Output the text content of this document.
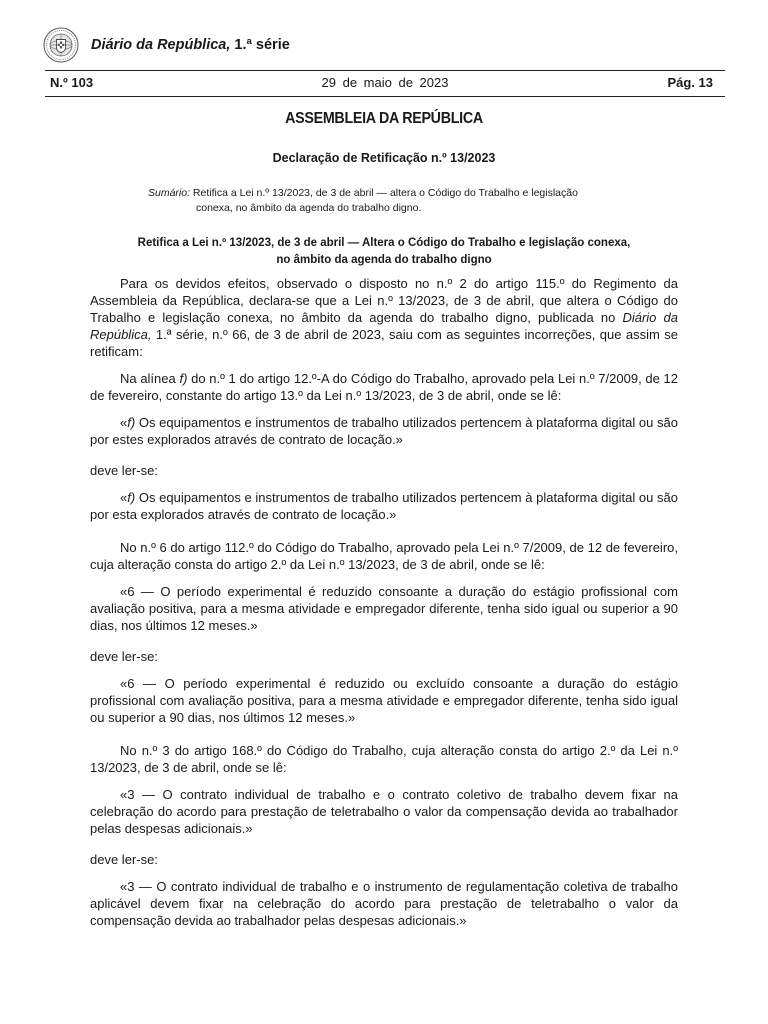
Diário da República, 1.ª série
29 de maio de 2023
N.º 103	Pág. 13
ASSEMBLEIA DA REPÚBLICA
Declaração de Retificação n.º 13/2023
Sumário: Retifica a Lei n.º 13/2023, de 3 de abril — altera o Código do Trabalho e legislação
conexa, no âmbito da agenda do trabalho digno.
Retifica a Lei n.º 13/2023, de 3 de abril — Altera o Código do Trabalho e legislação conexa,
no âmbito da agenda do trabalho digno

Para os devidos efeitos, observado o disposto no n.º 2 do artigo 115.º do Regimento da Assembleia da República, declara-se que a Lei n.º 13/2023, de 3 de abril, que altera o Código do Trabalho e legislação conexa, no âmbito da agenda do trabalho digno, publicada no Diário da República, 1.ª série, n.º 66, de 3 de abril de 2023, saiu com as seguintes incorreções, que assim se retificam:

Na alínea f) do n.º 1 do artigo 12.º-A do Código do Trabalho, aprovado pela Lei n.º 7/2009, de 12 de fevereiro, constante do artigo 13.º da Lei n.º 13/2023, de 3 de abril, onde se lê:

«f) Os equipamentos e instrumentos de trabalho utilizados pertencem à plataforma digital ou são por estes explorados através de contrato de locação.»

deve ler-se:

«f) Os equipamentos e instrumentos de trabalho utilizados pertencem à plataforma digital ou são por esta explorados através de contrato de locação.»

No n.º 6 do artigo 112.º do Código do Trabalho, aprovado pela Lei n.º 7/2009, de 12 de fevereiro, cuja alteração consta do artigo 2.º da Lei n.º 13/2023, de 3 de abril, onde se lê:

«6 — O período experimental é reduzido consoante a duração do estágio profissional com avaliação positiva, para a mesma atividade e empregador diferente, tenha sido igual ou superior a 90 dias, nos últimos 12 meses.»

deve ler-se:

«6 — O período experimental é reduzido ou excluído consoante a duração do estágio profissional com avaliação positiva, para a mesma atividade e empregador diferente, tenha sido igual ou superior a 90 dias, nos últimos 12 meses.»

No n.º 3 do artigo 168.º do Código do Trabalho, cuja alteração consta do artigo 2.º da Lei n.º 13/2023, de 3 de abril, onde se lê:

«3 — O contrato individual de trabalho e o contrato coletivo de trabalho devem fixar na celebração do acordo para prestação de teletrabalho o valor da compensação devida ao trabalhador pelas despesas adicionais.»

deve ler-se:

«3 — O contrato individual de trabalho e o instrumento de regulamentação coletiva de trabalho aplicável devem fixar na celebração do acordo para prestação de teletrabalho o valor da compensação devida ao trabalhador pelas despesas adicionais.»
